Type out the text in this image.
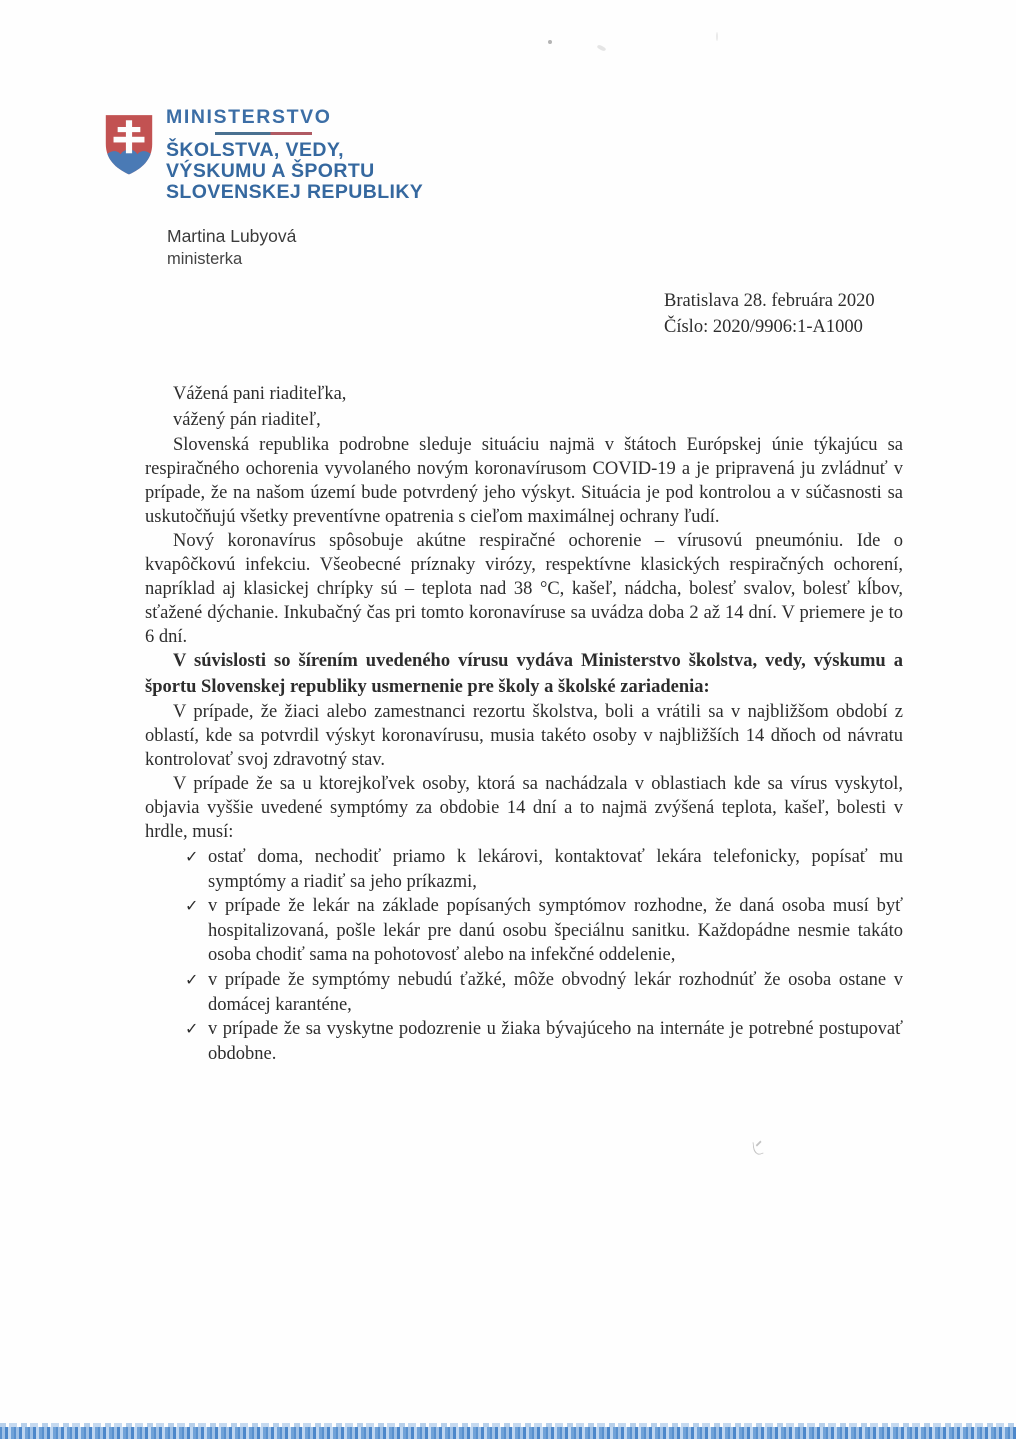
MINISTERSTVO
ŠKOLSTVA, VEDY,
VÝSKUMU A ŠPORTU
SLOVENSKEJ REPUBLIKY
Martina Lubyová
ministerka
Bratislava 28. februára 2020
Číslo: 2020/9906:1-A1000
Vážená pani riaditeľka,
vážený pán riaditeľ,

Slovenská republika podrobne sleduje situáciu najmä v štátoch Európskej únie týkajúcu sa respiračného ochorenia vyvolaného novým koronavírusom COVID-19 a je pripravená ju zvládnuť v prípade, že na našom území bude potvrdený jeho výskyt. Situácia je pod kontrolou a v súčasnosti sa uskutočňujú všetky preventívne opatrenia s cieľom maximálnej ochrany ľudí.

Nový koronavírus spôsobuje akútne respiračné ochorenie – vírusovú pneumóniu. Ide o kvapôčkovú infekciu. Všeobecné príznaky virózy, respektívne klasických respiračných ochorení, napríklad aj klasickej chrípky sú – teplota nad 38 °C, kašeľ, nádcha, bolesť svalov, bolesť kĺbov, sťažené dýchanie. Inkubačný čas pri tomto koronavíruse sa uvádza doba 2 až 14 dní. V priemere je to 6 dní.

V súvislosti so šírením uvedeného vírusu vydáva Ministerstvo školstva, vedy, výskumu a športu Slovenskej republiky usmernenie pre školy a školské zariadenia:

V prípade, že žiaci alebo zamestnanci rezortu školstva, boli a vrátili sa v najbližšom období z oblastí, kde sa potvrdil výskyt koronavírusu, musia takéto osoby v najbližších 14 dňoch od návratu kontrolovať svoj zdravotný stav.

V prípade že sa u ktorejkoľvek osoby, ktorá sa nachádzala v oblastiach kde sa vírus vyskytol, objavia vyššie uvedené symptómy za obdobie 14 dní a to najmä zvýšená teplota, kašeľ, bolesti v hrdle, musí:

✓ ostať doma, nechodiť priamo k lekárovi, kontaktovať lekára telefonicky, popísať mu symptómy a riadiť sa jeho príkazmi,
✓ v prípade že lekár na základe popísaných symptómov rozhodne, že daná osoba musí byť hospitalizovaná, pošle lekár pre danú osobu špeciálnu sanitku. Každopádne nesmie takáto osoba chodiť sama na pohotovosť alebo na infekčné oddelenie,
✓ v prípade že symptómy nebudú ťažké, môže obvodný lekár rozhodnúť že osoba ostane v domácej karanténe,
✓ v prípade že sa vyskytne podozrenie u žiaka bývajúceho na internáte je potrebné postupovať obdobne.
